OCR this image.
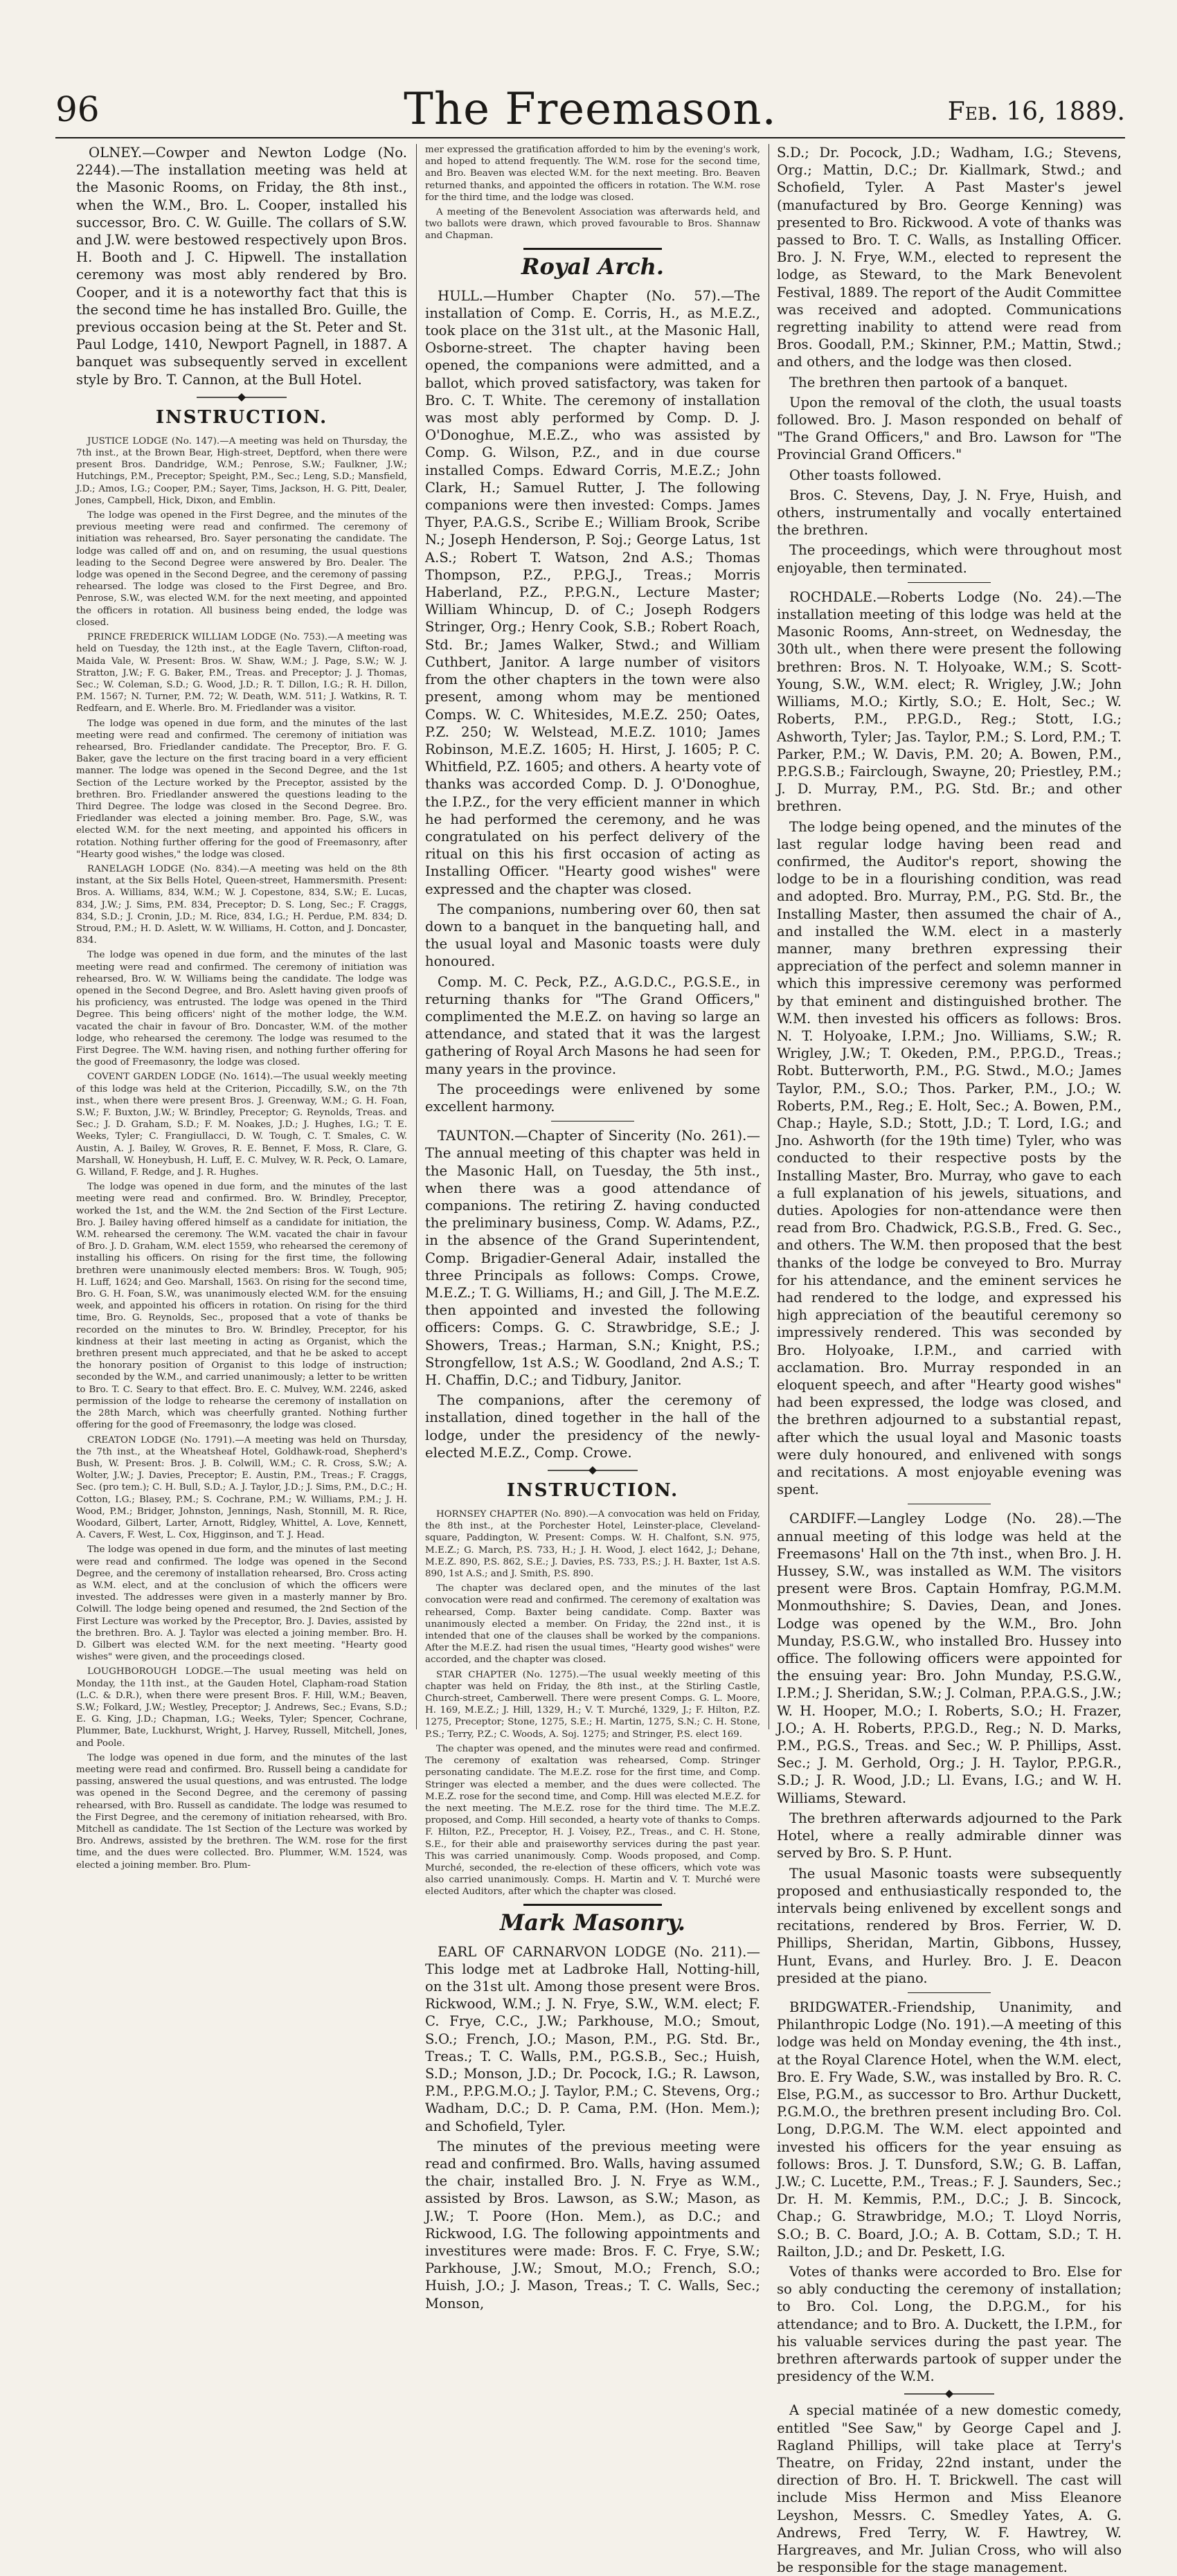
96	The Freemason.	Feb. 16, 1889.

OLNEY.—Cowper and Newton Lodge (No. 2244).—The installation meeting was held at the Masonic Rooms, on Friday, the 8th inst., when the W.M., Bro. L. Cooper, installed his successor, Bro. C. W. Guille. The collars of S.W. and J.W. were bestowed respectively upon Bros. H. Booth and J. C. Hipwell. The installation ceremony was most ably rendered by Bro. Cooper, and it is a noteworthy fact that this is the second time he has installed Bro. Guille, the previous occasion being at the St. Peter and St. Paul Lodge, 1410, Newport Pagnell, in 1887. A banquet was subsequently served in excellent style by Bro. T. Cannon, at the Bull Hotel.

INSTRUCTION.

JUSTICE LODGE (No. 147).—A meeting was held on Thursday, the 7th inst., at the Brown Bear, High-street, Deptford, when there were present Bros. Dandridge, W.M.; Penrose, S.W.; Faulkner, J.W.; Hutchings, P.M., Preceptor; Speight, P.M., Sec.; Leng, S.D.; Mansfield, J.D.; Amos, I.G.; Cooper, P.M.; Sayer, Tims, Jackson, H. G. Pitt, Dealer, Jones, Campbell, Hick, Dixon, and Emblin.

The lodge was opened in the First Degree, and the minutes of the previous meeting were read and confirmed. The ceremony of initiation was rehearsed, Bro. Sayer personating the candidate. The lodge was called off and on, and on resuming, the usual questions leading to the Second Degree were answered by Bro. Dealer. The lodge was opened in the Second Degree, and the ceremony of passing rehearsed. The lodge was closed to the First Degree, and Bro. Penrose, S.W., was elected W.M. for the next meeting, and appointed the officers in rotation. All business being ended, the lodge was closed.

PRINCE FREDERICK WILLIAM LODGE (No. 753).—A meeting was held on Tuesday, the 12th inst., at the Eagle Tavern, Clifton-road, Maida Vale, W. Present: Bros. W. Shaw, W.M.; J. Page, S.W.; W. J. Stratton, J.W.; F. G. Baker, P.M., Treas. and Preceptor; J. J. Thomas, Sec.; W. Coleman, S.D.; G. Wood, J.D.; R. T. Dillon, I.G.; R. H. Dillon, P.M. 1567; N. Turner, P.M. 72; W. Death, W.M. 511; J. Watkins, R. T. Redfearn, and E. Wherle. Bro. M. Friedlander was a visitor.

The lodge was opened in due form, and the minutes of the last meeting were read and confirmed. The ceremony of initiation was rehearsed, Bro. Friedlander candidate. The Preceptor, Bro. F. G. Baker, gave the lecture on the first tracing board in a very efficient manner. The lodge was opened in the Second Degree, and the 1st Section of the Lecture worked by the Preceptor, assisted by the brethren. Bro. Friedlander answered the questions leading to the Third Degree. The lodge was closed in the Second Degree. Bro. Friedlander was elected a joining member. Bro. Page, S.W., was elected W.M. for the next meeting, and appointed his officers in rotation. Nothing further offering for the good of Freemasonry, after "Hearty good wishes," the lodge was closed.

RANELAGH LODGE (No. 834).—A meeting was held on the 8th instant, at the Six Bells Hotel, Queen-street, Hammersmith. Present: Bros. A. Williams, 834, W.M.; W. J. Copestone, 834, S.W.; E. Lucas, 834, J.W.; J. Sims, P.M. 834, Preceptor; D. S. Long, Sec.; F. Craggs, 834, S.D.; J. Cronin, J.D.; M. Rice, 834, I.G.; H. Perdue, P.M. 834; D. Stroud, P.M.; H. D. Aslett, W. W. Williams, H. Cotton, and J. Doncaster, 834.

The lodge was opened in due form, and the minutes of the last meeting were read and confirmed. The ceremony of initiation was rehearsed, Bro. W. W. Williams being the candidate. The lodge was opened in the Second Degree, and Bro. Aslett having given proofs of his proficiency, was entrusted. The lodge was opened in the Third Degree. This being officers' night of the mother lodge, the W.M. vacated the chair in favour of Bro. Doncaster, W.M. of the mother lodge, who rehearsed the ceremony. The lodge was resumed to the First Degree. The W.M. having risen, and nothing further offering for the good of Freemasonry, the lodge was closed.

COVENT GARDEN LODGE (No. 1614).—The usual weekly meeting of this lodge was held at the Criterion, Piccadilly, S.W., on the 7th inst., when there were present Bros. J. Greenway, W.M.; G. H. Foan, S.W.; F. Buxton, J.W.; W. Brindley, Preceptor; G. Reynolds, Treas. and Sec.; J. D. Graham, S.D.; F. M. Noakes, J.D.; J. Hughes, I.G.; T. E. Weeks, Tyler; C. Frangiullacci, D. W. Tough, C. T. Smales, C. W. Austin, A. J. Bailey, W. Groves, R. E. Bennet, F. Moss, R. Clare, G. Marshall, W. Honeybush, H. Luff, E. C. Mulvey, W. R. Peck, O. Lamare, G. Willand, F. Redge, and J. R. Hughes.

The lodge was opened in due form, and the minutes of the last meeting were read and confirmed. Bro. W. Brindley, Preceptor, worked the 1st, and the W.M. the 2nd Section of the First Lecture. Bro. J. Bailey having offered himself as a candidate for initiation, the W.M. rehearsed the ceremony. The W.M. vacated the chair in favour of Bro. J. D. Graham, W.M. elect 1559, who rehearsed the ceremony of installing his officers. On rising for the first time, the following brethren were unanimously elected members: Bros. W. Tough, 905; H. Luff, 1624; and Geo. Marshall, 1563. On rising for the second time, Bro. G. H. Foan, S.W., was unanimously elected W.M. for the ensuing week, and appointed his officers in rotation. On rising for the third time, Bro. G. Reynolds, Sec., proposed that a vote of thanks be recorded on the minutes to Bro. W. Brindley, Preceptor, for his kindness at their last meeting in acting as Organist, which the brethren present much appreciated, and that he be asked to accept the honorary position of Organist to this lodge of instruction; seconded by the W.M., and carried unanimously; a letter to be written to Bro. T. C. Seary to that effect. Bro. E. C. Mulvey, W.M. 2246, asked permission of the lodge to rehearse the ceremony of installation on the 28th March, which was cheerfully granted. Nothing further offering for the good of Freemasonry, the lodge was closed.

CREATON LODGE (No. 1791).—A meeting was held on Thursday, the 7th inst., at the Wheatsheaf Hotel, Goldhawk-road, Shepherd's Bush, W. Present: Bros. J. B. Colwill, W.M.; C. R. Cross, S.W.; A. Wolter, J.W.; J. Davies, Preceptor; E. Austin, P.M., Treas.; F. Craggs, Sec. (pro tem.); C. H. Bull, S.D.; A. J. Taylor, J.D.; J. Sims, P.M., D.C.; H. Cotton, I.G.; Blasey, P.M.; S. Cochrane, P.M.; W. Williams, P.M.; J. H. Wood, P.M.; Bridger, Johnston, Jennings, Nash, Stonnill, M. R. Rice, Woodard, Gilbert, Larter, Arnott, Ridgley, Whittel, A. Love, Kennett, A. Cavers, F. West, L. Cox, Higginson, and T. J. Head.

The lodge was opened in due form, and the minutes of last meeting were read and confirmed. The lodge was opened in the Second Degree, and the ceremony of installation rehearsed, Bro. Cross acting as W.M. elect, and at the conclusion of which the officers were invested. The addresses were given in a masterly manner by Bro. Colwill. The lodge being opened and resumed, the 2nd Section of the First Lecture was worked by the Preceptor, Bro. J. Davies, assisted by the brethren. Bro. A. J. Taylor was elected a joining member. Bro. H. D. Gilbert was elected W.M. for the next meeting. "Hearty good wishes" were given, and the proceedings closed.

LOUGHBOROUGH LODGE.—The usual meeting was held on Monday, the 11th inst., at the Gauden Hotel, Clapham-road Station (L.C. & D.R.), when there were present Bros. F. Hill, W.M.; Beaven, S.W.; Folkard, J.W.; Westley, Preceptor; J. Andrews, Sec.; Evans, S.D.; E. G. King, J.D.; Chapman, I.G.; Weeks, Tyler; Spencer, Cochrane, Plummer, Bate, Luckhurst, Wright, J. Harvey, Russell, Mitchell, Jones, and Poole.

The lodge was opened in due form, and the minutes of the last meeting were read and confirmed. Bro. Russell being a candidate for passing, answered the usual questions, and was entrusted. The lodge was opened in the Second Degree, and the ceremony of passing rehearsed, with Bro. Russell as candidate. The lodge was resumed to the First Degree, and the ceremony of initiation rehearsed, with Bro. Mitchell as candidate. The 1st Section of the Lecture was worked by Bro. Andrews, assisted by the brethren. The W.M. rose for the first time, and the dues were collected. Bro. Plummer, W.M. 1524, was elected a joining member. Bro. Plum-

mer expressed the gratification afforded to him by the evening's work, and hoped to attend frequently. The W.M. rose for the second time, and Bro. Beaven was elected W.M. for the next meeting. Bro. Beaven returned thanks, and appointed the officers in rotation. The W.M. rose for the third time, and the lodge was closed.

A meeting of the Benevolent Association was afterwards held, and two ballots were drawn, which proved favourable to Bros. Shannaw and Chapman.

Royal Arch.

HULL.—Humber Chapter (No. 57).—The installation of Comp. E. Corris, H., as M.E.Z., took place on the 31st ult., at the Masonic Hall, Osborne-street. The chapter having been opened, the companions were admitted, and a ballot, which proved satisfactory, was taken for Bro. C. T. White. The ceremony of installation was most ably performed by Comp. D. J. O'Donoghue, M.E.Z., who was assisted by Comp. G. Wilson, P.Z., and in due course installed Comps. Edward Corris, M.E.Z.; John Clark, H.; Samuel Rutter, J. The following companions were then invested: Comps. James Thyer, P.A.G.S., Scribe E.; William Brook, Scribe N.; Joseph Henderson, P. Soj.; George Latus, 1st A.S.; Robert T. Watson, 2nd A.S.; Thomas Thompson, P.Z., P.P.G.J., Treas.; Morris Haberland, P.Z., P.P.G.N., Lecture Master; William Whincup, D. of C.; Joseph Rodgers Stringer, Org.; Henry Cook, S.B.; Robert Roach, Std. Br.; James Walker, Stwd.; and William Cuthbert, Janitor. A large number of visitors from the other chapters in the town were also present, among whom may be mentioned Comps. W. C. Whitesides, M.E.Z. 250; Oates, P.Z. 250; W. Welstead, M.E.Z. 1010; James Robinson, M.E.Z. 1605; H. Hirst, J. 1605; P. C. Whitfield, P.Z. 1605; and others. A hearty vote of thanks was accorded Comp. D. J. O'Donoghue, the I.P.Z., for the very efficient manner in which he had performed the ceremony, and he was congratulated on his perfect delivery of the ritual on this his first occasion of acting as Installing Officer. "Hearty good wishes" were expressed and the chapter was closed.

The companions, numbering over 60, then sat down to a banquet in the banqueting hall, and the usual loyal and Masonic toasts were duly honoured.

Comp. M. C. Peck, P.Z., A.G.D.C., P.G.S.E., in returning thanks for "The Grand Officers," complimented the M.E.Z. on having so large an attendance, and stated that it was the largest gathering of Royal Arch Masons he had seen for many years in the province.

The proceedings were enlivened by some excellent harmony.

TAUNTON.—Chapter of Sincerity (No. 261).—The annual meeting of this chapter was held in the Masonic Hall, on Tuesday, the 5th inst., when there was a good attendance of companions. The retiring Z. having conducted the preliminary business, Comp. W. Adams, P.Z., in the absence of the Grand Superintendent, Comp. Brigadier-General Adair, installed the three Principals as follows: Comps. Crowe, M.E.Z.; T. G. Williams, H.; and Gill, J. The M.E.Z. then appointed and invested the following officers: Comps. G. C. Strawbridge, S.E.; J. Showers, Treas.; Harman, S.N.; Knight, P.S.; Strongfellow, 1st A.S.; W. Goodland, 2nd A.S.; T. H. Chaffin, D.C.; and Tidbury, Janitor.

The companions, after the ceremony of installation, dined together in the hall of the lodge, under the presidency of the newly-elected M.E.Z., Comp. Crowe.

INSTRUCTION.

HORNSEY CHAPTER (No. 890).—A convocation was held on Friday, the 8th inst., at the Porchester Hotel, Leinster-place, Cleveland-square, Paddington, W. Present: Comps. W. H. Chalfont, S.N. 975, M.E.Z.; G. March, P.S. 733, H.; J. H. Wood, J. elect 1642, J.; Dehane, M.E.Z. 890, P.S. 862, S.E.; J. Davies, P.S. 733, P.S.; J. H. Baxter, 1st A.S. 890, 1st A.S.; and J. Smith, P.S. 890.

The chapter was declared open, and the minutes of the last convocation were read and confirmed. The ceremony of exaltation was rehearsed, Comp. Baxter being candidate. Comp. Baxter was unanimously elected a member. On Friday, the 22nd inst., it is intended that one of the clauses shall be worked by the companions. After the M.E.Z. had risen the usual times, "Hearty good wishes" were accorded, and the chapter was closed.

STAR CHAPTER (No. 1275).—The usual weekly meeting of this chapter was held on Friday, the 8th inst., at the Stirling Castle, Church-street, Camberwell. There were present Comps. G. L. Moore, H. 169, M.E.Z.; J. Hill, 1329, H.; V. T. Murché, 1329, J.; F. Hilton, P.Z. 1275, Preceptor; Stone, 1275, S.E.; H. Martin, 1275, S.N.; C. H. Stone, P.S.; Terry, P.Z.; C. Woods, A. Soj. 1275; and Stringer, P.S. elect 169.

The chapter was opened, and the minutes were read and confirmed. The ceremony of exaltation was rehearsed, Comp. Stringer personating candidate. The M.E.Z. rose for the first time, and Comp. Stringer was elected a member, and the dues were collected. The M.E.Z. rose for the second time, and Comp. Hill was elected M.E.Z. for the next meeting. The M.E.Z. rose for the third time. The M.E.Z. proposed, and Comp. Hill seconded, a hearty vote of thanks to Comps. F. Hilton, P.Z., Preceptor, H. J. Voisey, P.Z., Treas., and C. H. Stone, S.E., for their able and praiseworthy services during the past year. This was carried unanimously. Comp. Woods proposed, and Comp. Murché, seconded, the re-election of these officers, which vote was also carried unanimously. Comps. H. Martin and V. T. Murché were elected Auditors, after which the chapter was closed.

Mark Masonry.

EARL OF CARNARVON LODGE (No. 211).—This lodge met at Ladbroke Hall, Notting-hill, on the 31st ult. Among those present were Bros. Rickwood, W.M.; J. N. Frye, S.W., W.M. elect; F. C. Frye, C.C., J.W.; Parkhouse, M.O.; Smout, S.O.; French, J.O.; Mason, P.M., P.G. Std. Br., Treas.; T. C. Walls, P.M., P.G.S.B., Sec.; Huish, S.D.; Monson, J.D.; Dr. Pocock, I.G.; R. Lawson, P.M., P.P.G.M.O.; J. Taylor, P.M.; C. Stevens, Org.; Wadham, D.C.; D. P. Cama, P.M. (Hon. Mem.); and Schofield, Tyler.

The minutes of the previous meeting were read and confirmed. Bro. Walls, having assumed the chair, installed Bro. J. N. Frye as W.M., assisted by Bros. Lawson, as S.W.; Mason, as J.W.; T. Poore (Hon. Mem.), as D.C.; and Rickwood, I.G. The following appointments and investitures were made: Bros. F. C. Frye, S.W.; Parkhouse, J.W.; Smout, M.O.; French, S.O.; Huish, J.O.; J. Mason, Treas.; T. C. Walls, Sec.; Monson,

S.D.; Dr. Pocock, J.D.; Wadham, I.G.; Stevens, Org.; Mattin, D.C.; Dr. Kiallmark, Stwd.; and Schofield, Tyler. A Past Master's jewel (manufactured by Bro. George Kenning) was presented to Bro. Rickwood. A vote of thanks was passed to Bro. T. C. Walls, as Installing Officer. Bro. J. N. Frye, W.M., elected to represent the lodge, as Steward, to the Mark Benevolent Festival, 1889. The report of the Audit Committee was received and adopted. Communications regretting inability to attend were read from Bros. Goodall, P.M.; Skinner, P.M.; Mattin, Stwd.; and others, and the lodge was then closed.

The brethren then partook of a banquet.

Upon the removal of the cloth, the usual toasts followed. Bro. J. Mason responded on behalf of "The Grand Officers," and Bro. Lawson for "The Provincial Grand Officers."

Other toasts followed.

Bros. C. Stevens, Day, J. N. Frye, Huish, and others, instrumentally and vocally entertained the brethren.

The proceedings, which were throughout most enjoyable, then terminated.

ROCHDALE.—Roberts Lodge (No. 24).—The installation meeting of this lodge was held at the Masonic Rooms, Ann-street, on Wednesday, the 30th ult., when there were present the following brethren: Bros. N. T. Holyoake, W.M.; S. Scott-Young, S.W., W.M. elect; R. Wrigley, J.W.; John Williams, M.O.; Kirtly, S.O.; E. Holt, Sec.; W. Roberts, P.M., P.P.G.D., Reg.; Stott, I.G.; Ashworth, Tyler; Jas. Taylor, P.M.; S. Lord, P.M.; T. Parker, P.M.; W. Davis, P.M. 20; A. Bowen, P.M., P.P.G.S.B.; Fairclough, Swayne, 20; Priestley, P.M.; J. D. Murray, P.M., P.G. Std. Br.; and other brethren.

The lodge being opened, and the minutes of the last regular lodge having been read and confirmed, the Auditor's report, showing the lodge to be in a flourishing condition, was read and adopted. Bro. Murray, P.M., P.G. Std. Br., the Installing Master, then assumed the chair of A., and installed the W.M. elect in a masterly manner, many brethren expressing their appreciation of the perfect and solemn manner in which this impressive ceremony was performed by that eminent and distinguished brother. The W.M. then invested his officers as follows: Bros. N. T. Holyoake, I.P.M.; Jno. Williams, S.W.; R. Wrigley, J.W.; T. Okeden, P.M., P.P.G.D., Treas.; Robt. Butterworth, P.M., P.G. Stwd., M.O.; James Taylor, P.M., S.O.; Thos. Parker, P.M., J.O.; W. Roberts, P.M., Reg.; E. Holt, Sec.; A. Bowen, P.M., Chap.; Hayle, S.D.; Stott, J.D.; T. Lord, I.G.; and Jno. Ashworth (for the 19th time) Tyler, who was conducted to their respective posts by the Installing Master, Bro. Murray, who gave to each a full explanation of his jewels, situations, and duties. Apologies for non-attendance were then read from Bro. Chadwick, P.G.S.B., Fred. G. Sec., and others. The W.M. then proposed that the best thanks of the lodge be conveyed to Bro. Murray for his attendance, and the eminent services he had rendered to the lodge, and expressed his high appreciation of the beautiful ceremony so impressively rendered. This was seconded by Bro. Holyoake, I.P.M., and carried with acclamation. Bro. Murray responded in an eloquent speech, and after "Hearty good wishes" had been expressed, the lodge was closed, and the brethren adjourned to a substantial repast, after which the usual loyal and Masonic toasts were duly honoured, and enlivened with songs and recitations. A most enjoyable evening was spent.

CARDIFF.—Langley Lodge (No. 28).—The annual meeting of this lodge was held at the Freemasons' Hall on the 7th inst., when Bro. J. H. Hussey, S.W., was installed as W.M. The visitors present were Bros. Captain Homfray, P.G.M.M. Monmouthshire; S. Davies, Dean, and Jones. Lodge was opened by the W.M., Bro. John Munday, P.S.G.W., who installed Bro. Hussey into office. The following officers were appointed for the ensuing year: Bro. John Munday, P.S.G.W., I.P.M.; J. Sheridan, S.W.; J. Colman, P.P.A.G.S., J.W.; W. H. Hooper, M.O.; I. Roberts, S.O.; H. Frazer, J.O.; A. H. Roberts, P.P.G.D., Reg.; N. D. Marks, P.M., P.G.S., Treas. and Sec.; W. P. Phillips, Asst. Sec.; J. M. Gerhold, Org.; J. H. Taylor, P.P.G.R., S.D.; J. R. Wood, J.D.; Ll. Evans, I.G.; and W. H. Williams, Steward.

The brethren afterwards adjourned to the Park Hotel, where a really admirable dinner was served by Bro. S. P. Hunt.

The usual Masonic toasts were subsequently proposed and enthusiastically responded to, the intervals being enlivened by excellent songs and recitations, rendered by Bros. Ferrier, W. D. Phillips, Sheridan, Martin, Gibbons, Hussey, Hunt, Evans, and Hurley. Bro. J. E. Deacon presided at the piano.

BRIDGWATER.-Friendship, Unanimity, and Philanthropic Lodge (No. 191).—A meeting of this lodge was held on Monday evening, the 4th inst., at the Royal Clarence Hotel, when the W.M. elect, Bro. E. Fry Wade, S.W., was installed by Bro. R. C. Else, P.G.M., as successor to Bro. Arthur Duckett, P.G.M.O., the brethren present including Bro. Col. Long, D.P.G.M. The W.M. elect appointed and invested his officers for the year ensuing as follows: Bros. J. T. Dunsford, S.W.; G. B. Laffan, J.W.; C. Lucette, P.M., Treas.; F. J. Saunders, Sec.; Dr. H. M. Kemmis, P.M., D.C.; J. B. Sincock, Chap.; G. Strawbridge, M.O.; T. Lloyd Norris, S.O.; B. C. Board, J.O.; A. B. Cottam, S.D.; T. H. Railton, J.D.; and Dr. Peskett, I.G.

Votes of thanks were accorded to Bro. Else for so ably conducting the ceremony of installation; to Bro. Col. Long, the D.P.G.M., for his attendance; and to Bro. A. Duckett, the I.P.M., for his valuable services during the past year. The brethren afterwards partook of supper under the presidency of the W.M.

A special matinée of a new domestic comedy, entitled "See Saw," by George Capel and J. Ragland Phillips, will take place at Terry's Theatre, on Friday, 22nd instant, under the direction of Bro. H. T. Brickwell. The cast will include Miss Hermon and Miss Eleanore Leyshon, Messrs. C. Smedley Yates, A. G. Andrews, Fred Terry, W. F. Hawtrey, W. Hargreaves, and Mr. Julian Cross, who will also be responsible for the stage management.
